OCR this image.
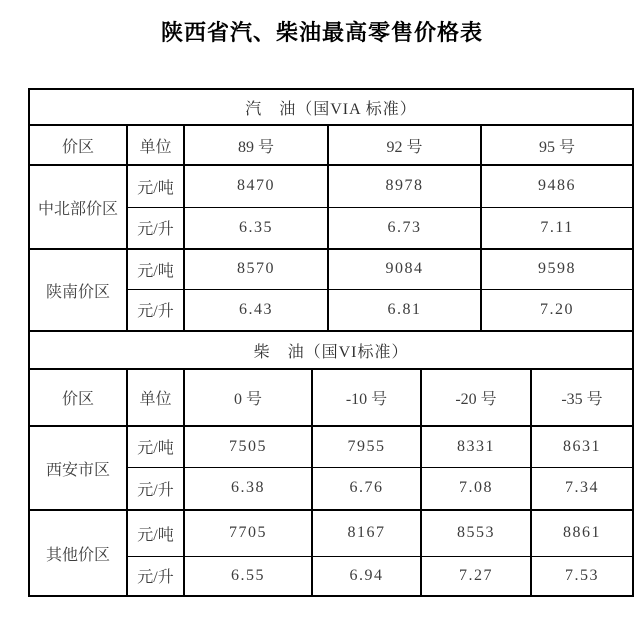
陕西省汽、柴油最高零售价格表
汽　油（国VIA 标准）				
价区	单位	89 号	92 号	95 号
中北部价区	元/吨	8470	8978	9486
	元/升	6.35	6.73	7.11
陕南价区	元/吨	8570	9084	9598
	元/升	6.43	6.81	7.20
柴　油（国VI标准）					
价区	单位	0 号	-10 号	-20 号	-35 号
西安市区	元/吨	7505	7955	8331	8631
	元/升	6.38	6.76	7.08	7.34
其他价区	元/吨	7705	8167	8553	8861
	元/升	6.55	6.94	7.27	7.53
